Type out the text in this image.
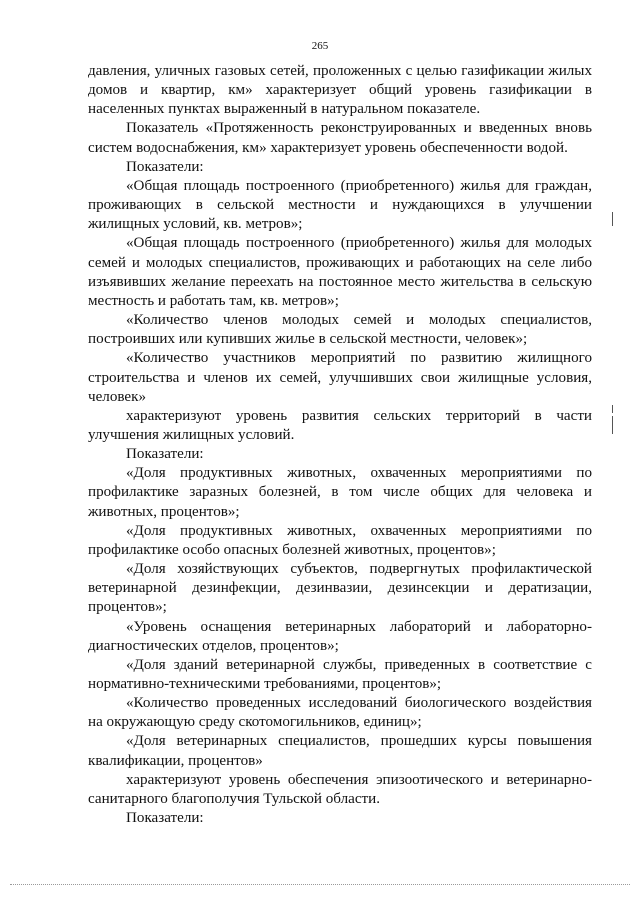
265

давления, уличных газовых сетей, проложенных с целью газификации жилых домов и квартир, км» характеризует общий уровень газификации в населенных пунктах выраженный в натуральном показателе.

Показатель «Протяженность реконструированных и введенных вновь систем водоснабжения, км» характеризует уровень обеспеченности водой.

Показатели:

«Общая площадь построенного (приобретенного) жилья для граждан, проживающих в сельской местности и нуждающихся в улучшении жилищных условий, кв. метров»;

«Общая площадь построенного (приобретенного) жилья для молодых семей и молодых специалистов, проживающих и работающих на селе либо изъявивших желание переехать на постоянное место жительства в сельскую местность и работать там, кв. метров»;

«Количество членов молодых семей и молодых специалистов, построивших или купивших жилье в сельской местности, человек»;

«Количество участников мероприятий по развитию жилищного строительства и членов их семей, улучшивших свои жилищные условия, человек»

характеризуют уровень развития сельских территорий в части улучшения жилищных условий.

Показатели:

«Доля продуктивных животных, охваченных мероприятиями по профилактике заразных болезней, в том числе общих для человека и животных, процентов»;

«Доля продуктивных животных, охваченных мероприятиями по профилактике особо опасных болезней животных, процентов»;

«Доля хозяйствующих субъектов, подвергнутых профилактической ветеринарной дезинфекции, дезинвазии, дезинсекции и дератизации, процентов»;

«Уровень оснащения ветеринарных лабораторий и лабораторно-диагностических отделов, процентов»;

«Доля зданий ветеринарной службы, приведенных в соответствие с нормативно-техническими требованиями, процентов»;

«Количество проведенных исследований биологического воздействия на окружающую среду скотомогильников, единиц»;

«Доля ветеринарных специалистов, прошедших курсы повышения квалификации, процентов»

характеризуют уровень обеспечения эпизоотического и ветеринарно-санитарного благополучия Тульской области.

Показатели:
